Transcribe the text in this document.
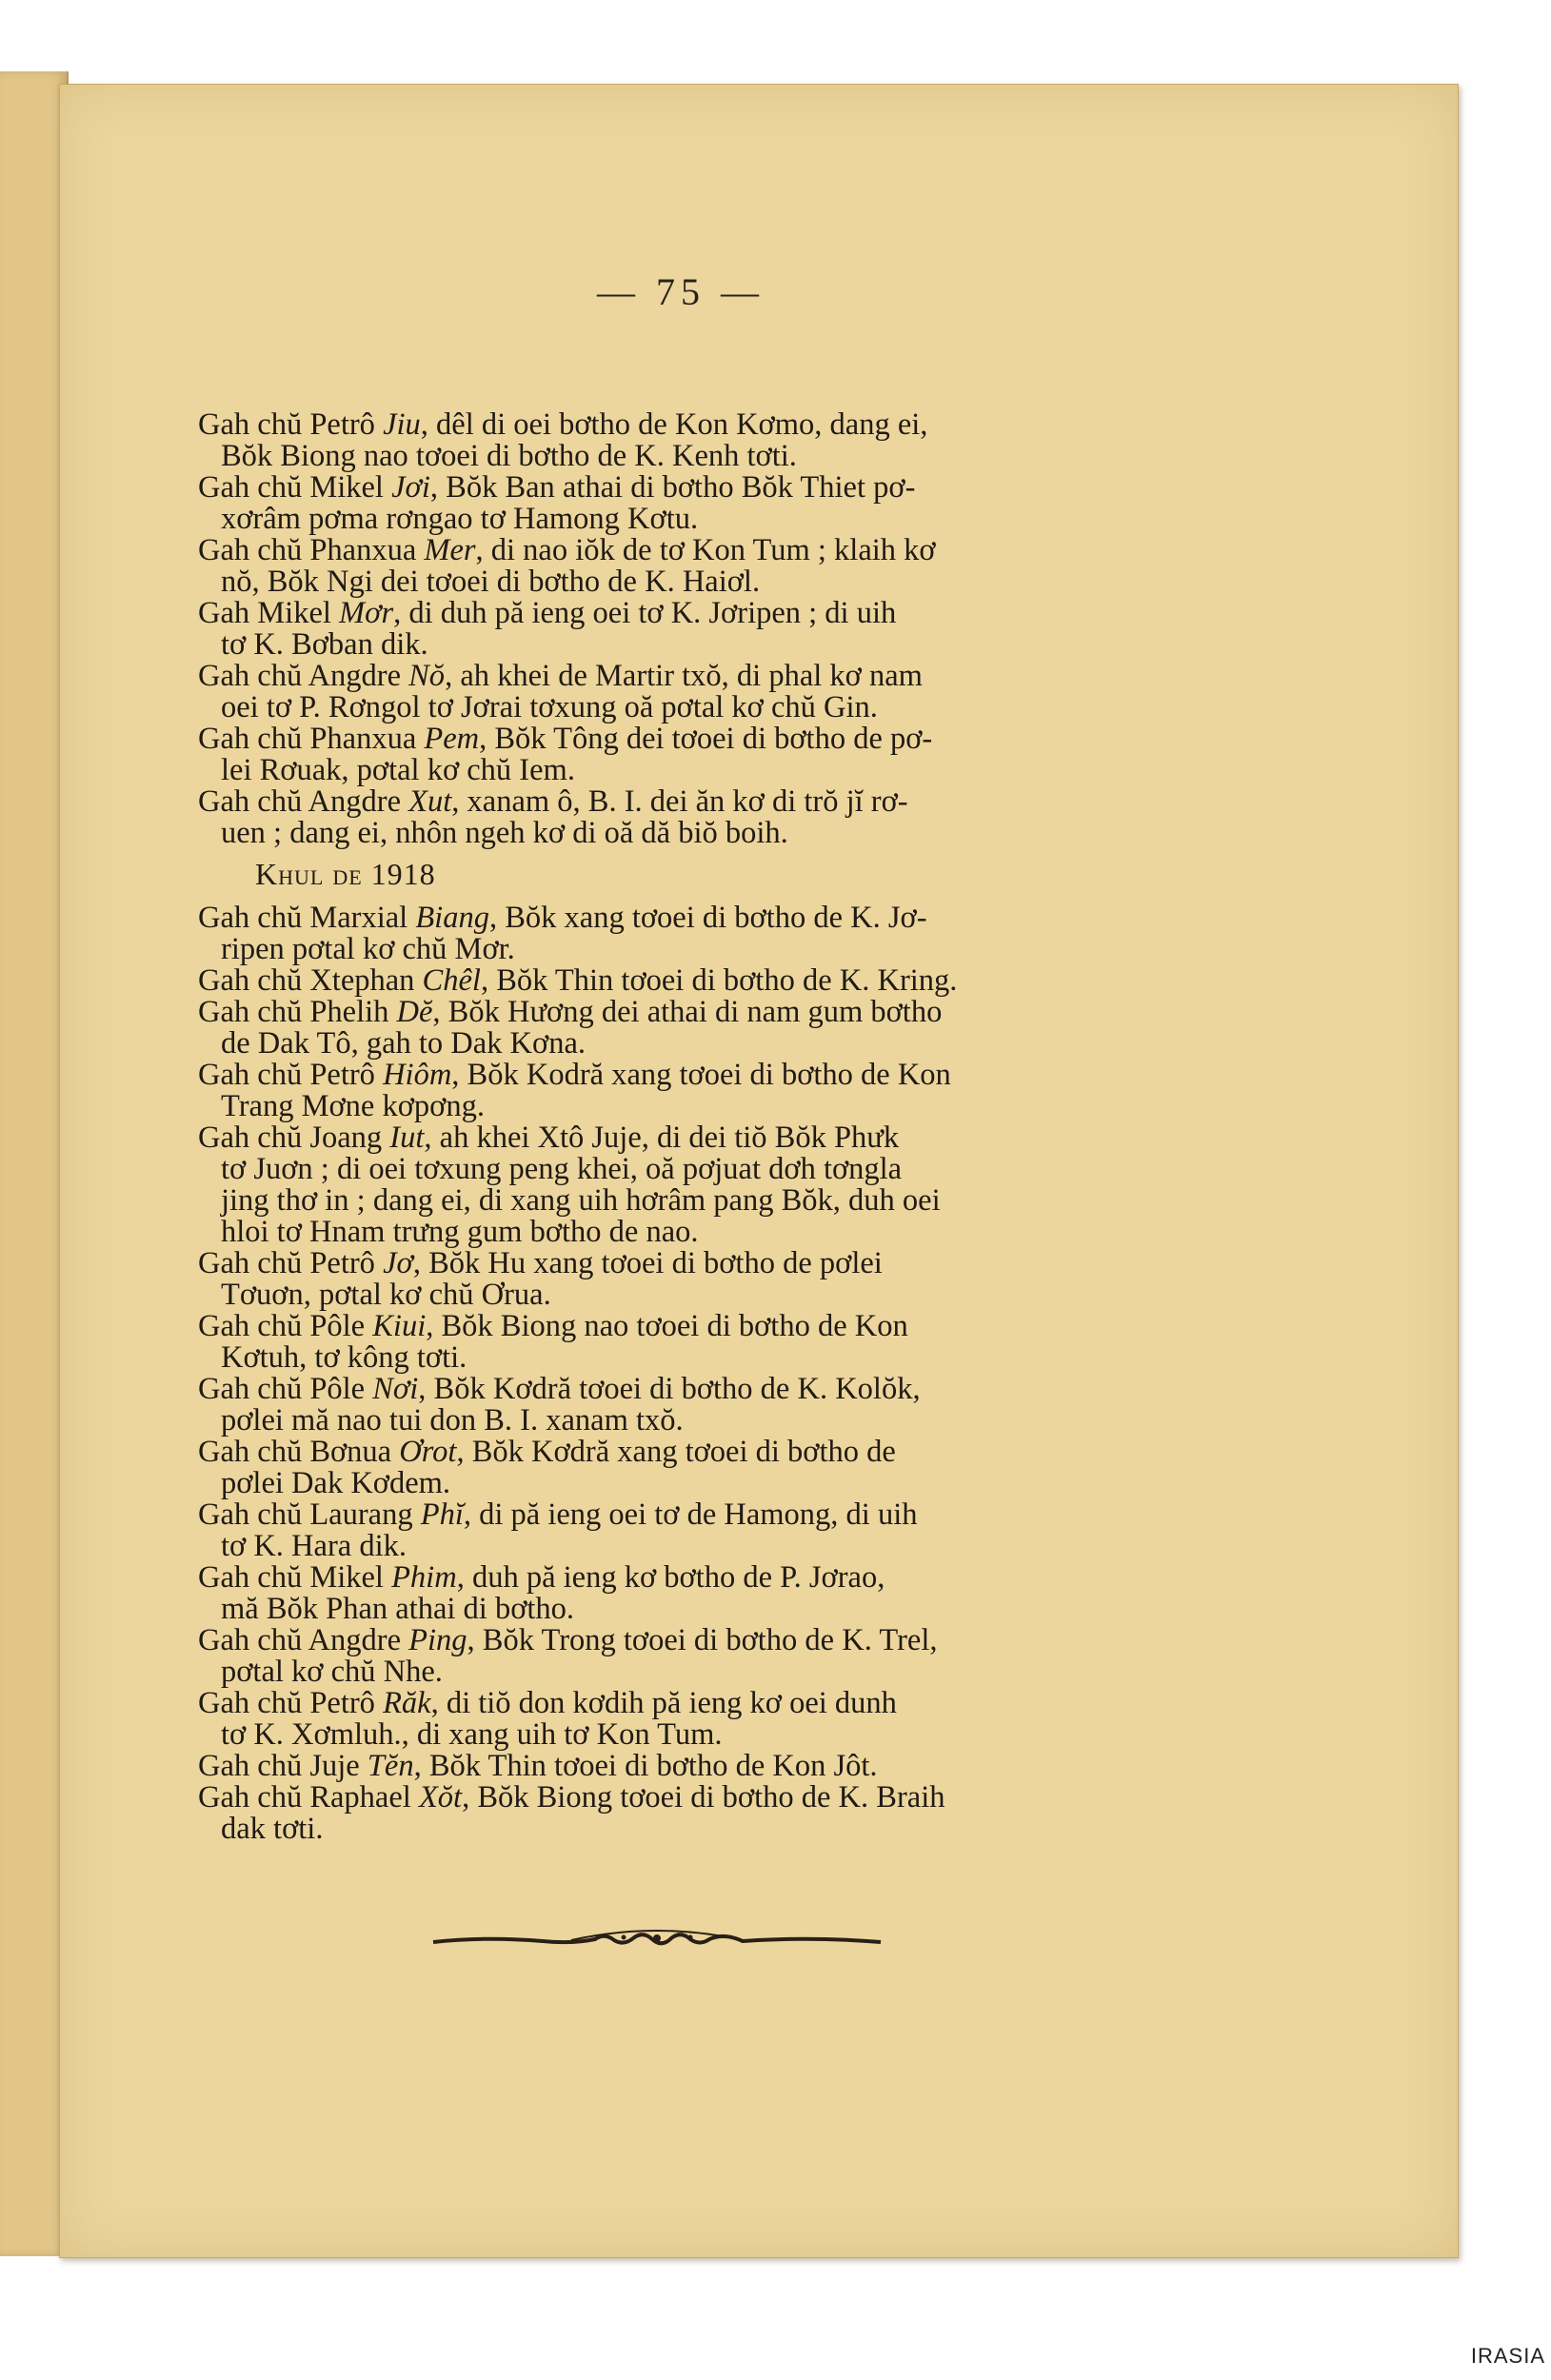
— 75 —
Gah chŭ Petrô Jiu, dêl di oei bơtho de Kon Kơmo, dang ei,
Bŏk Biong nao tơoei di bơtho de K. Kenh tơti.
Gah chŭ Mikel Jơi, Bŏk Ban athai di bơtho Bŏk Thiet pơ-
xơrâm pơma rơngao tơ Hamong Kơtu.
Gah chŭ Phanxua Mer, di nao iŏk de tơ Kon Tum ; klaih kơ
nŏ, Bŏk Ngi dei tơoei di bơtho de K. Haiơl.
Gah Mikel Mơr, di duh pă ieng oei tơ K. Jơripen ; di uih
tơ K. Bơban dik.
Gah chŭ Angdre Nŏ, ah khei de Martir txŏ, di phal kơ nam
oei tơ P. Rơngol tơ Jơrai tơxung oă pơtal kơ chŭ Gin.
Gah chŭ Phanxua Pem, Bŏk Tông dei tơoei di bơtho de pơ-
lei Rơuak, pơtal kơ chŭ Iem.
Gah chŭ Angdre Xut, xanam ô, B. I. dei ăn kơ di trŏ jĭ rơ-
uen ; dang ei, nhôn ngeh kơ di oă dă biŏ boih.
Khul de 1918
Gah chŭ Marxial Biang, Bŏk xang tơoei di bơtho de K. Jơ-
ripen pơtal kơ chŭ Mơr.
Gah chŭ Xtephan Chêl, Bŏk Thin tơoei di bơtho de K. Kring.
Gah chŭ Phelih Dĕ, Bŏk Hương dei athai di nam gum bơtho
de Dak Tô, gah to Dak Kơna.
Gah chŭ Petrô Hiôm, Bŏk Kodră xang tơoei di bơtho de Kon
Trang Mơne kơpơng.
Gah chŭ Joang Iut, ah khei Xtô Juje, di dei tiŏ Bŏk Phưk
tơ Juơn ; di oei tơxung peng khei, oă pơjuat dơh tơngla
jing thơ in ; dang ei, di xang uih hơrâm pang Bŏk, duh oei
hloi tơ Hnam trưng gum bơtho de nao.
Gah chŭ Petrô Jơ, Bŏk Hu xang tơoei di bơtho de pơlei
Tơuơn, pơtal kơ chŭ Ơrua.
Gah chŭ Pôle Kiui, Bŏk Biong nao tơoei di bơtho de Kon
Kơtuh, tơ kông tơti.
Gah chŭ Pôle Nơi, Bŏk Kơdră tơoei di bơtho de K. Kolŏk,
pơlei mă nao tui don B. I. xanam txŏ.
Gah chŭ Bơnua Ơrot, Bŏk Kơdră xang tơoei di bơtho de
pơlei Dak Kơdem.
Gah chŭ Laurang Phĭ, di pă ieng oei tơ de Hamong, di uih
tơ K. Hara dik.
Gah chŭ Mikel Phim, duh pă ieng kơ bơtho de P. Jơrao,
mă Bŏk Phan athai di bơtho.
Gah chŭ Angdre Ping, Bŏk Trong tơoei di bơtho de K. Trel,
pơtal kơ chŭ Nhe.
Gah chŭ Petrô Răk, di tiŏ don kơdih pă ieng kơ oei dunh
tơ K. Xơmluh., di xang uih tơ Kon Tum.
Gah chŭ Juje Tĕn, Bŏk Thin tơoei di bơtho de Kon Jôt.
Gah chŭ Raphael Xŏt, Bŏk Biong tơoei di bơtho de K. Braih
dak tơti.
IRASIA
